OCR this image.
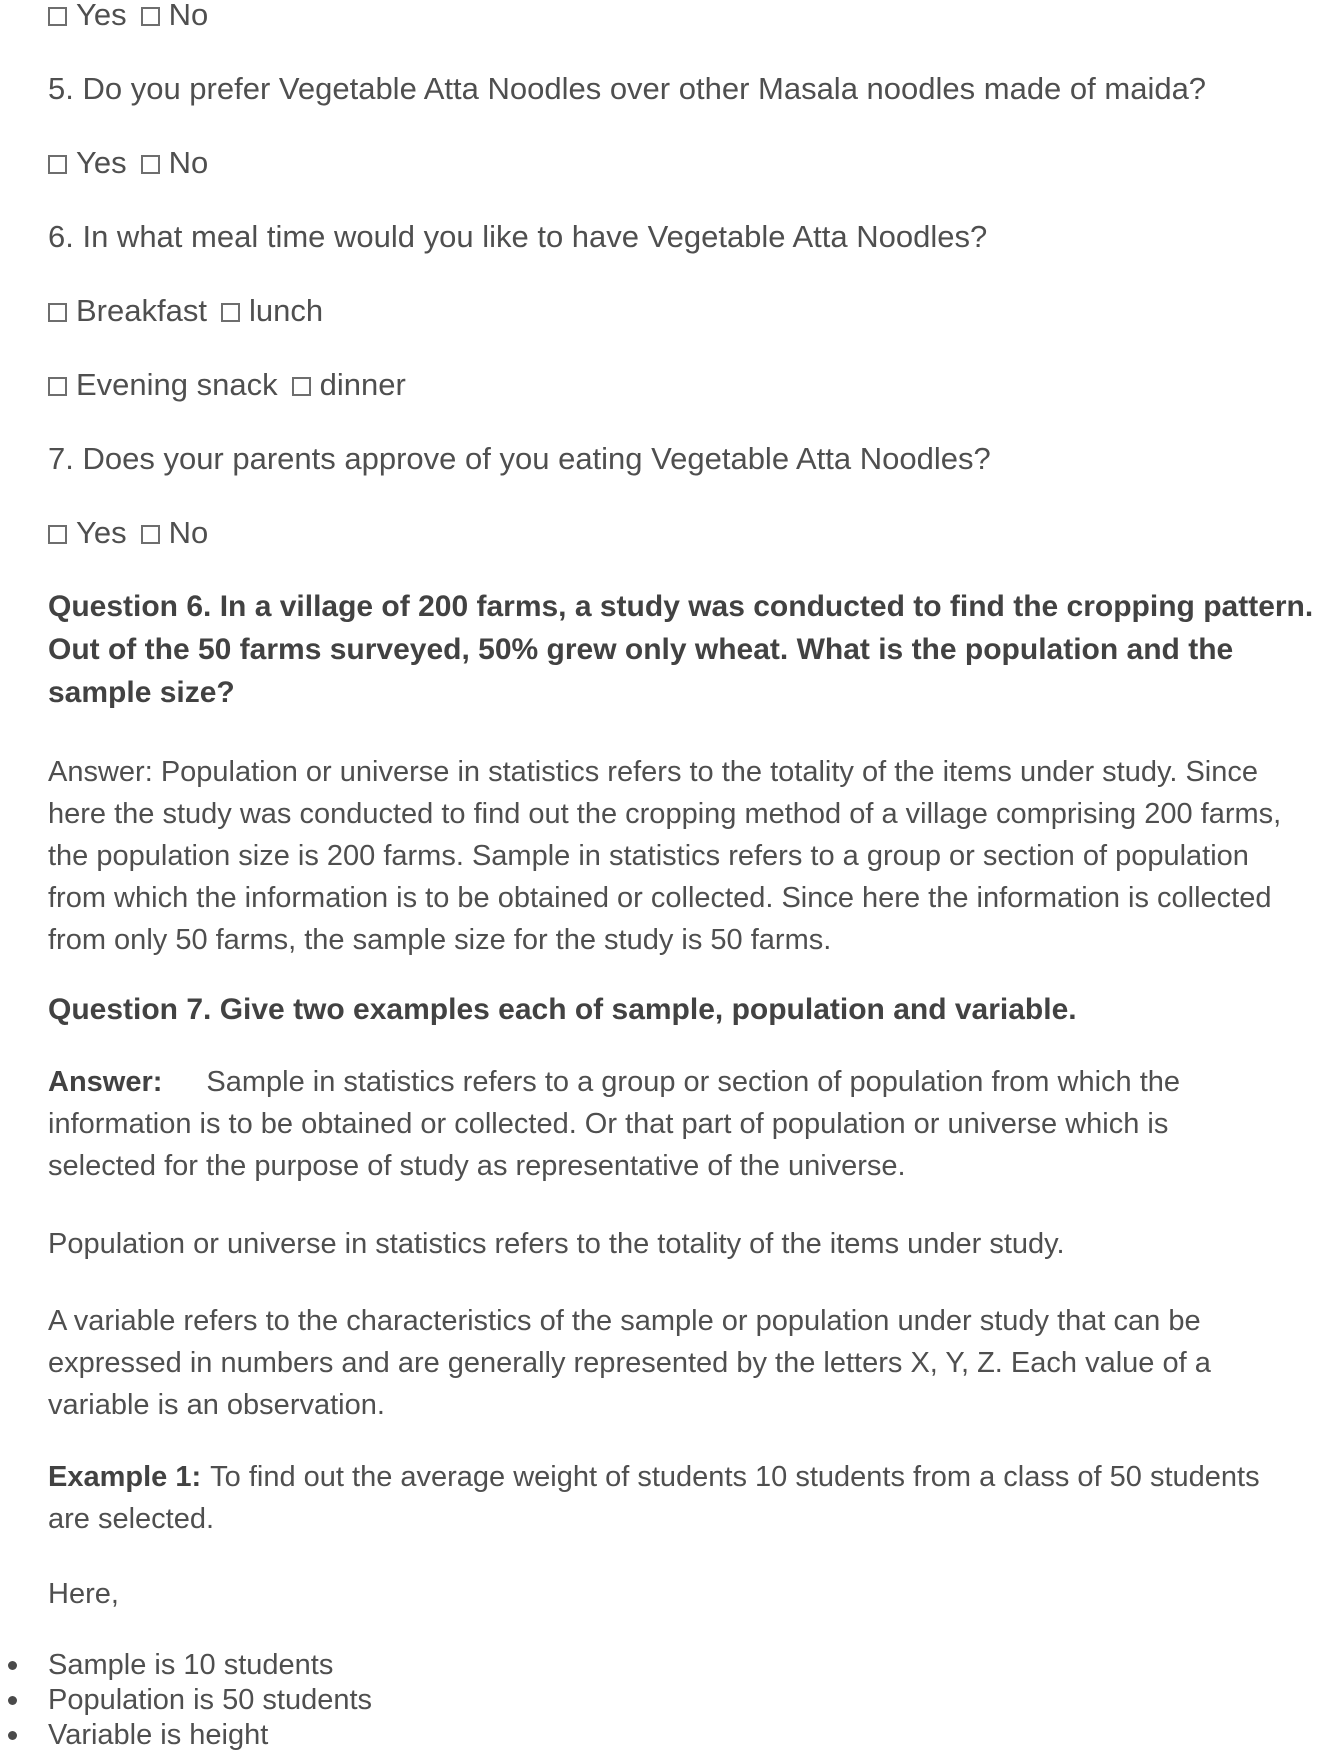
Yes No
5. Do you prefer Vegetable Atta Noodles over other Masala noodles made of maida?
Yes No
6. In what meal time would you like to have Vegetable Atta Noodles?
Breakfast lunch
Evening snack dinner
7. Does your parents approve of you eating Vegetable Atta Noodles?
Yes No
Question 6. In a village of 200 farms, a study was conducted to find the cropping pattern.
Out of the 50 farms surveyed, 50% grew only wheat. What is the population and the
sample size?
Answer: Population or universe in statistics refers to the totality of the items under study. Since
here the study was conducted to find out the cropping method of a village comprising 200 farms,
the population size is 200 farms. Sample in statistics refers to a group or section of population
from which the information is to be obtained or collected. Since here the information is collected
from only 50 farms, the sample size for the study is 50 farms.
Question 7. Give two examples each of sample, population and variable.
Answer: Sample in statistics refers to a group or section of population from which the
information is to be obtained or collected. Or that part of population or universe which is
selected for the purpose of study as representative of the universe.
Population or universe in statistics refers to the totality of the items under study.
A variable refers to the characteristics of the sample or population under study that can be
expressed in numbers and are generally represented by the letters X, Y, Z. Each value of a
variable is an observation.
Example 1: To find out the average weight of students 10 students from a class of 50 students
are selected.
Here,
Sample is 10 students
Population is 50 students
Variable is height
